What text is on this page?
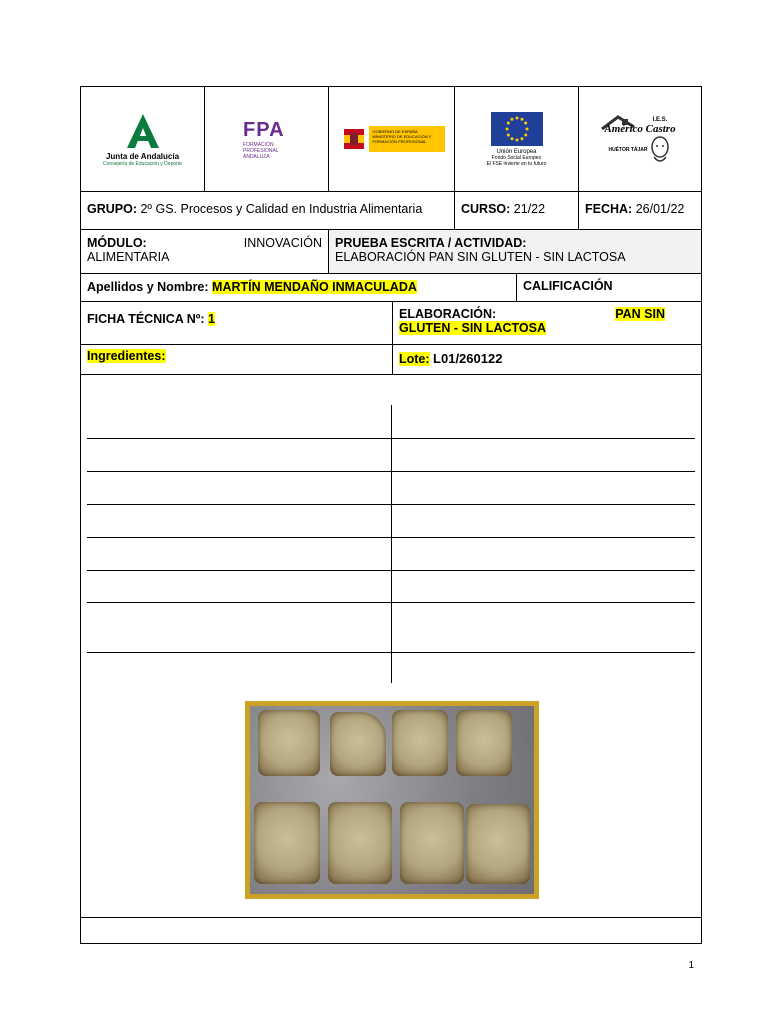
Junta de Andalucía
Consejería de Educación y Deporte
FPA
FORMACIÓN PROFESIONAL ANDALUZA
GOBIERNO DE ESPAÑA
MINISTERIO DE EDUCACIÓN Y FORMACIÓN PROFESIONAL
Unión Europea
Fondo Social Europeo
El FSE invierte en tu futuro
I.E.S.
Américo Castro
HUÉTOR TÁJAR
GRUPO: 2º GS. Procesos y Calidad en Industria Alimentaria	CURSO: 21/22	FECHA: 26/01/22
MÓDULO:	INNOVACIÓN
ALIMENTARIA
PRUEBA ESCRITA / ACTIVIDAD:
ELABORACIÓN PAN SIN GLUTEN - SIN LACTOSA
Apellidos y Nombre: MARTÍN MENDAÑO INMACULADA	CALIFICACIÓN
FICHA TÉCNICA Nº: 1	ELABORACIÓN:	PAN SIN
GLUTEN - SIN LACTOSA
Ingredientes:	Lote: L01/260122
1
